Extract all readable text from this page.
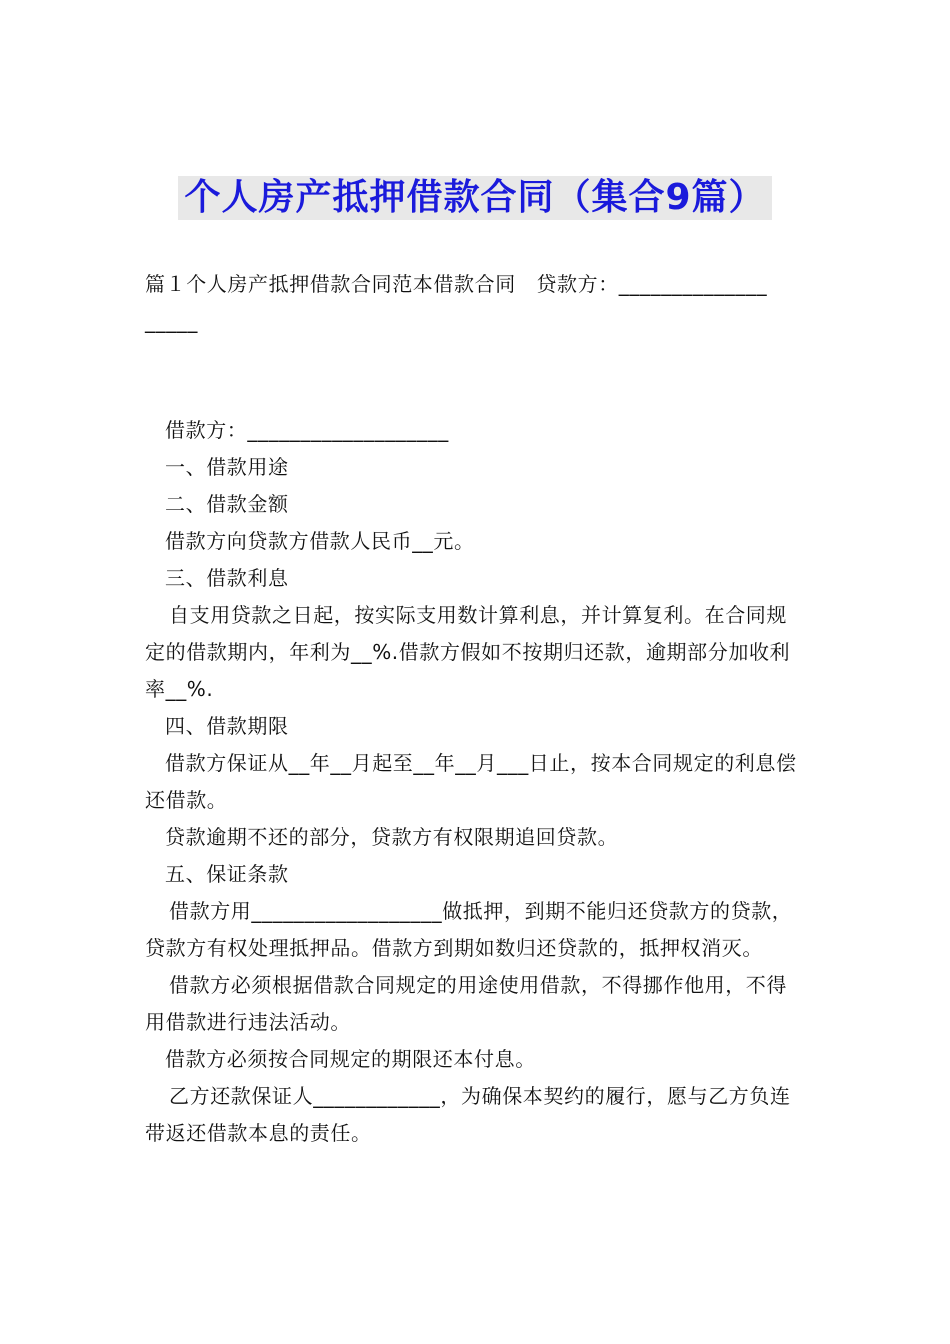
个人房产抵押借款合同（集合9篇）

篇１个人房产抵押借款合同范本借款合同　贷款方：______________

_____

借款方：___________________

一、借款用途

二、借款金额

借款方向贷款方借款人民币__元。

三、借款利息

自支用贷款之日起，按实际支用数计算利息，并计算复利。在合同规定的借款期内，年利为__%.借款方假如不按期归还款，逾期部分加收利率__%.

四、借款期限

借款方保证从__年__月起至__年__月___日止，按本合同规定的利息偿还借款。

贷款逾期不还的部分，贷款方有权限期追回贷款。

五、保证条款

借款方用__________________做抵押，到期不能归还贷款方的贷款，贷款方有权处理抵押品。借款方到期如数归还贷款的，抵押权消灭。

借款方必须根据借款合同规定的用途使用借款，不得挪作他用，不得用借款进行违法活动。

借款方必须按合同规定的期限还本付息。

乙方还款保证人____________，为确保本契约的履行，愿与乙方负连带返还借款本息的责任。
